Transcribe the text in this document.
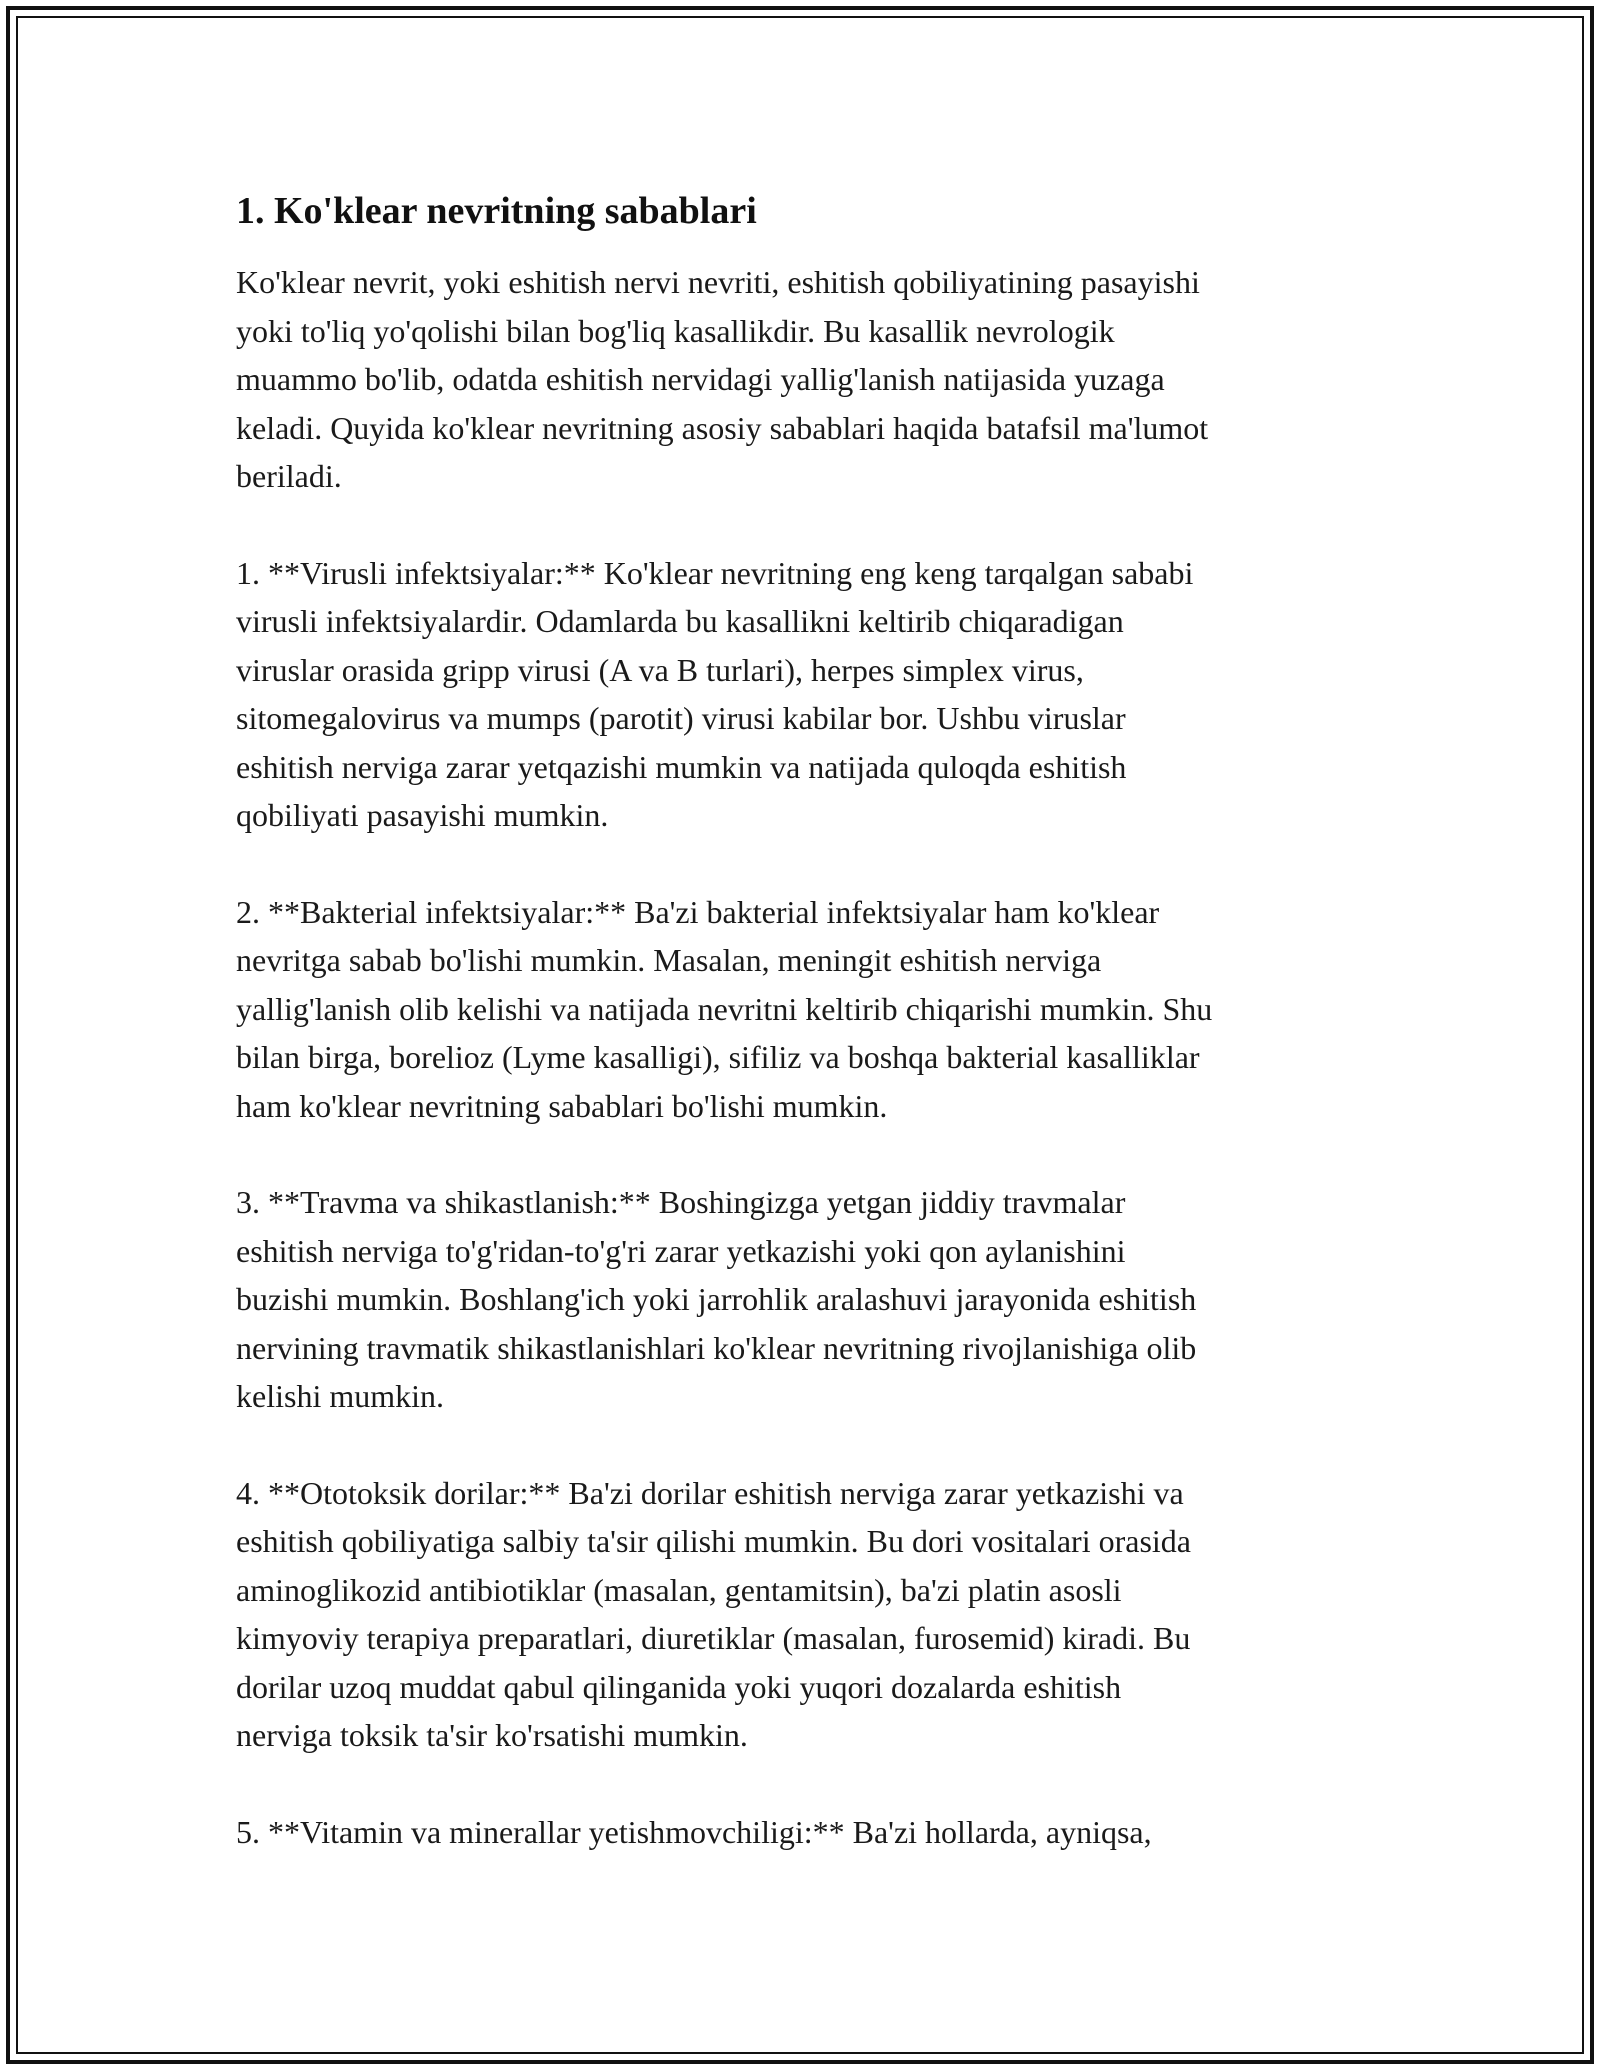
1. Ko'klear nevritning sabablari

Ko'klear nevrit, yoki eshitish nervi nevriti, eshitish qobiliyatining pasayishi
yoki to'liq yo'qolishi bilan bog'liq kasallikdir. Bu kasallik nevrologik
muammo bo'lib, odatda eshitish nervidagi yallig'lanish natijasida yuzaga
keladi. Quyida ko'klear nevritning asosiy sabablari haqida batafsil ma'lumot
beriladi.

1. **Virusli infektsiyalar:** Ko'klear nevritning eng keng tarqalgan sababi
virusli infektsiyalardir. Odamlarda bu kasallikni keltirib chiqaradigan
viruslar orasida gripp virusi (A va B turlari), herpes simplex virus,
sitomegalovirus va mumps (parotit) virusi kabilar bor. Ushbu viruslar
eshitish nerviga zarar yetqazishi mumkin va natijada quloqda eshitish
qobiliyati pasayishi mumkin.

2. **Bakterial infektsiyalar:** Ba'zi bakterial infektsiyalar ham ko'klear
nevritga sabab bo'lishi mumkin. Masalan, meningit eshitish nerviga
yallig'lanish olib kelishi va natijada nevritni keltirib chiqarishi mumkin. Shu
bilan birga, borelioz (Lyme kasalligi), sifiliz va boshqa bakterial kasalliklar
ham ko'klear nevritning sabablari bo'lishi mumkin.

3. **Travma va shikastlanish:** Boshingizga yetgan jiddiy travmalar
eshitish nerviga to'g'ridan-to'g'ri zarar yetkazishi yoki qon aylanishini
buzishi mumkin. Boshlang'ich yoki jarrohlik aralashuvi jarayonida eshitish
nervining travmatik shikastlanishlari ko'klear nevritning rivojlanishiga olib
kelishi mumkin.

4. **Ototoksik dorilar:** Ba'zi dorilar eshitish nerviga zarar yetkazishi va
eshitish qobiliyatiga salbiy ta'sir qilishi mumkin. Bu dori vositalari orasida
aminoglikozid antibiotiklar (masalan, gentamitsin), ba'zi platin asosli
kimyoviy terapiya preparatlari, diuretiklar (masalan, furosemid) kiradi. Bu
dorilar uzoq muddat qabul qilinganida yoki yuqori dozalarda eshitish
nerviga toksik ta'sir ko'rsatishi mumkin.

5. **Vitamin va minerallar yetishmovchiligi:** Ba'zi hollarda, ayniqsa,
